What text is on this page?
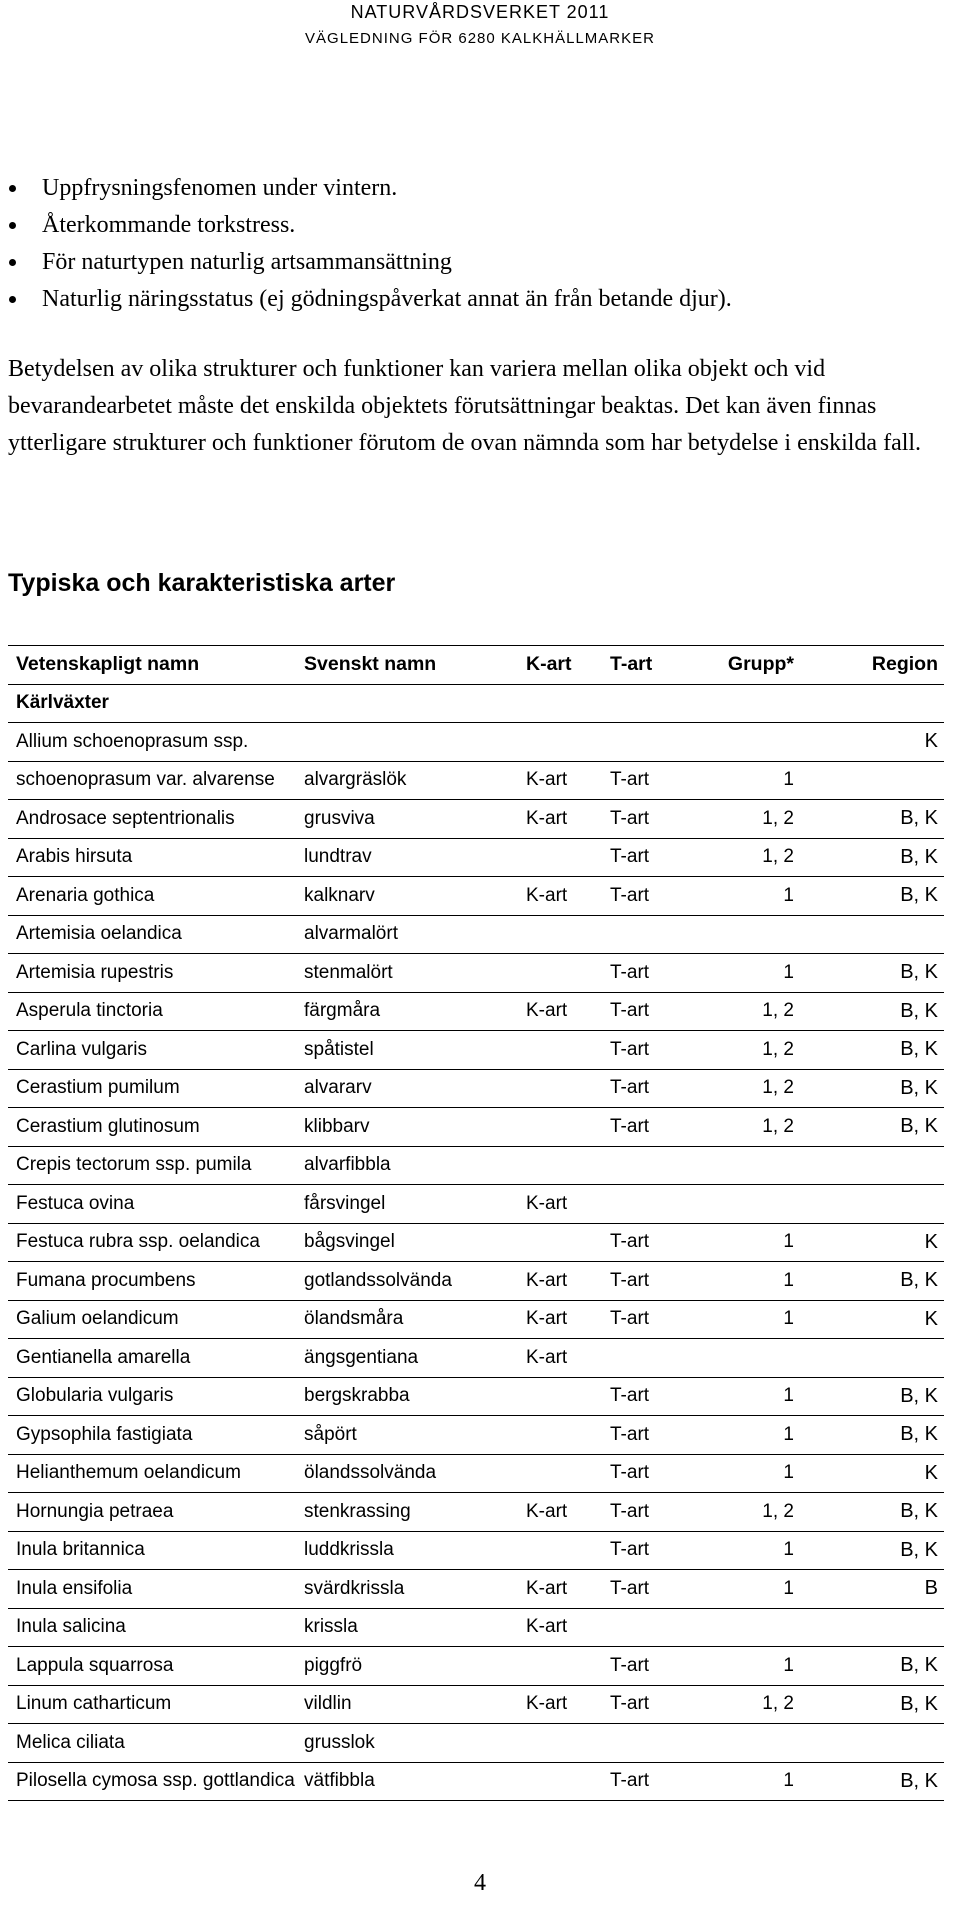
NATURVÅRDSVERKET 2011
VÄGLEDNING FÖR 6280 KALKHÄLLMARKER
Uppfrysningsfenomen under vintern.
Återkommande torkstress.
För naturtypen naturlig artsammansättning
Naturlig näringsstatus (ej gödningspåverkat annat än från betande djur).

Betydelsen av olika strukturer och funktioner kan variera mellan olika objekt och vid bevarandearbetet måste det enskilda objektets förutsättningar beaktas. Det kan även finnas ytterligare strukturer och funktioner förutom de ovan nämnda som har betydelse i enskilda fall.

Typiska och karakteristiska arter
Vetenskapligt namn	Svenskt namn	K-art	T-art	Grupp*	Region
Kärlväxter					
Allium schoenoprasum ssp.					K
schoenoprasum var. alvarense	alvargräslök	K-art	T-art	1	
Androsace septentrionalis	grusviva	K-art	T-art	1, 2	B, K
Arabis hirsuta	lundtrav		T-art	1, 2	B, K
Arenaria gothica	kalknarv	K-art	T-art	1	B, K
Artemisia oelandica	alvarmalört				
Artemisia rupestris	stenmalört		T-art	1	B, K
Asperula tinctoria	färgmåra	K-art	T-art	1, 2	B, K
Carlina vulgaris	spåtistel		T-art	1, 2	B, K
Cerastium pumilum	alvararv		T-art	1, 2	B, K
Cerastium glutinosum	klibbarv		T-art	1, 2	B, K
Crepis tectorum ssp. pumila	alvarfibbla				
Festuca ovina	fårsvingel	K-art			
Festuca rubra ssp. oelandica	bågsvingel		T-art	1	K
Fumana procumbens	gotlandssolvända	K-art	T-art	1	B, K
Galium oelandicum	ölandsmåra	K-art	T-art	1	K
Gentianella amarella	ängsgentiana	K-art			
Globularia vulgaris	bergskrabba		T-art	1	B, K
Gypsophila fastigiata	såpört		T-art	1	B, K
Helianthemum oelandicum	ölandssolvända		T-art	1	K
Hornungia petraea	stenkrassing	K-art	T-art	1, 2	B, K
Inula britannica	luddkrissla		T-art	1	B, K
Inula ensifolia	svärdkrissla	K-art	T-art	1	B
Inula salicina	krissla	K-art			
Lappula squarrosa	piggfrö		T-art	1	B, K
Linum catharticum	vildlin	K-art	T-art	1, 2	B, K
Melica ciliata	grusslok				
Pilosella cymosa ssp. gottlandica	vätfibbla		T-art	1	B, K
4
